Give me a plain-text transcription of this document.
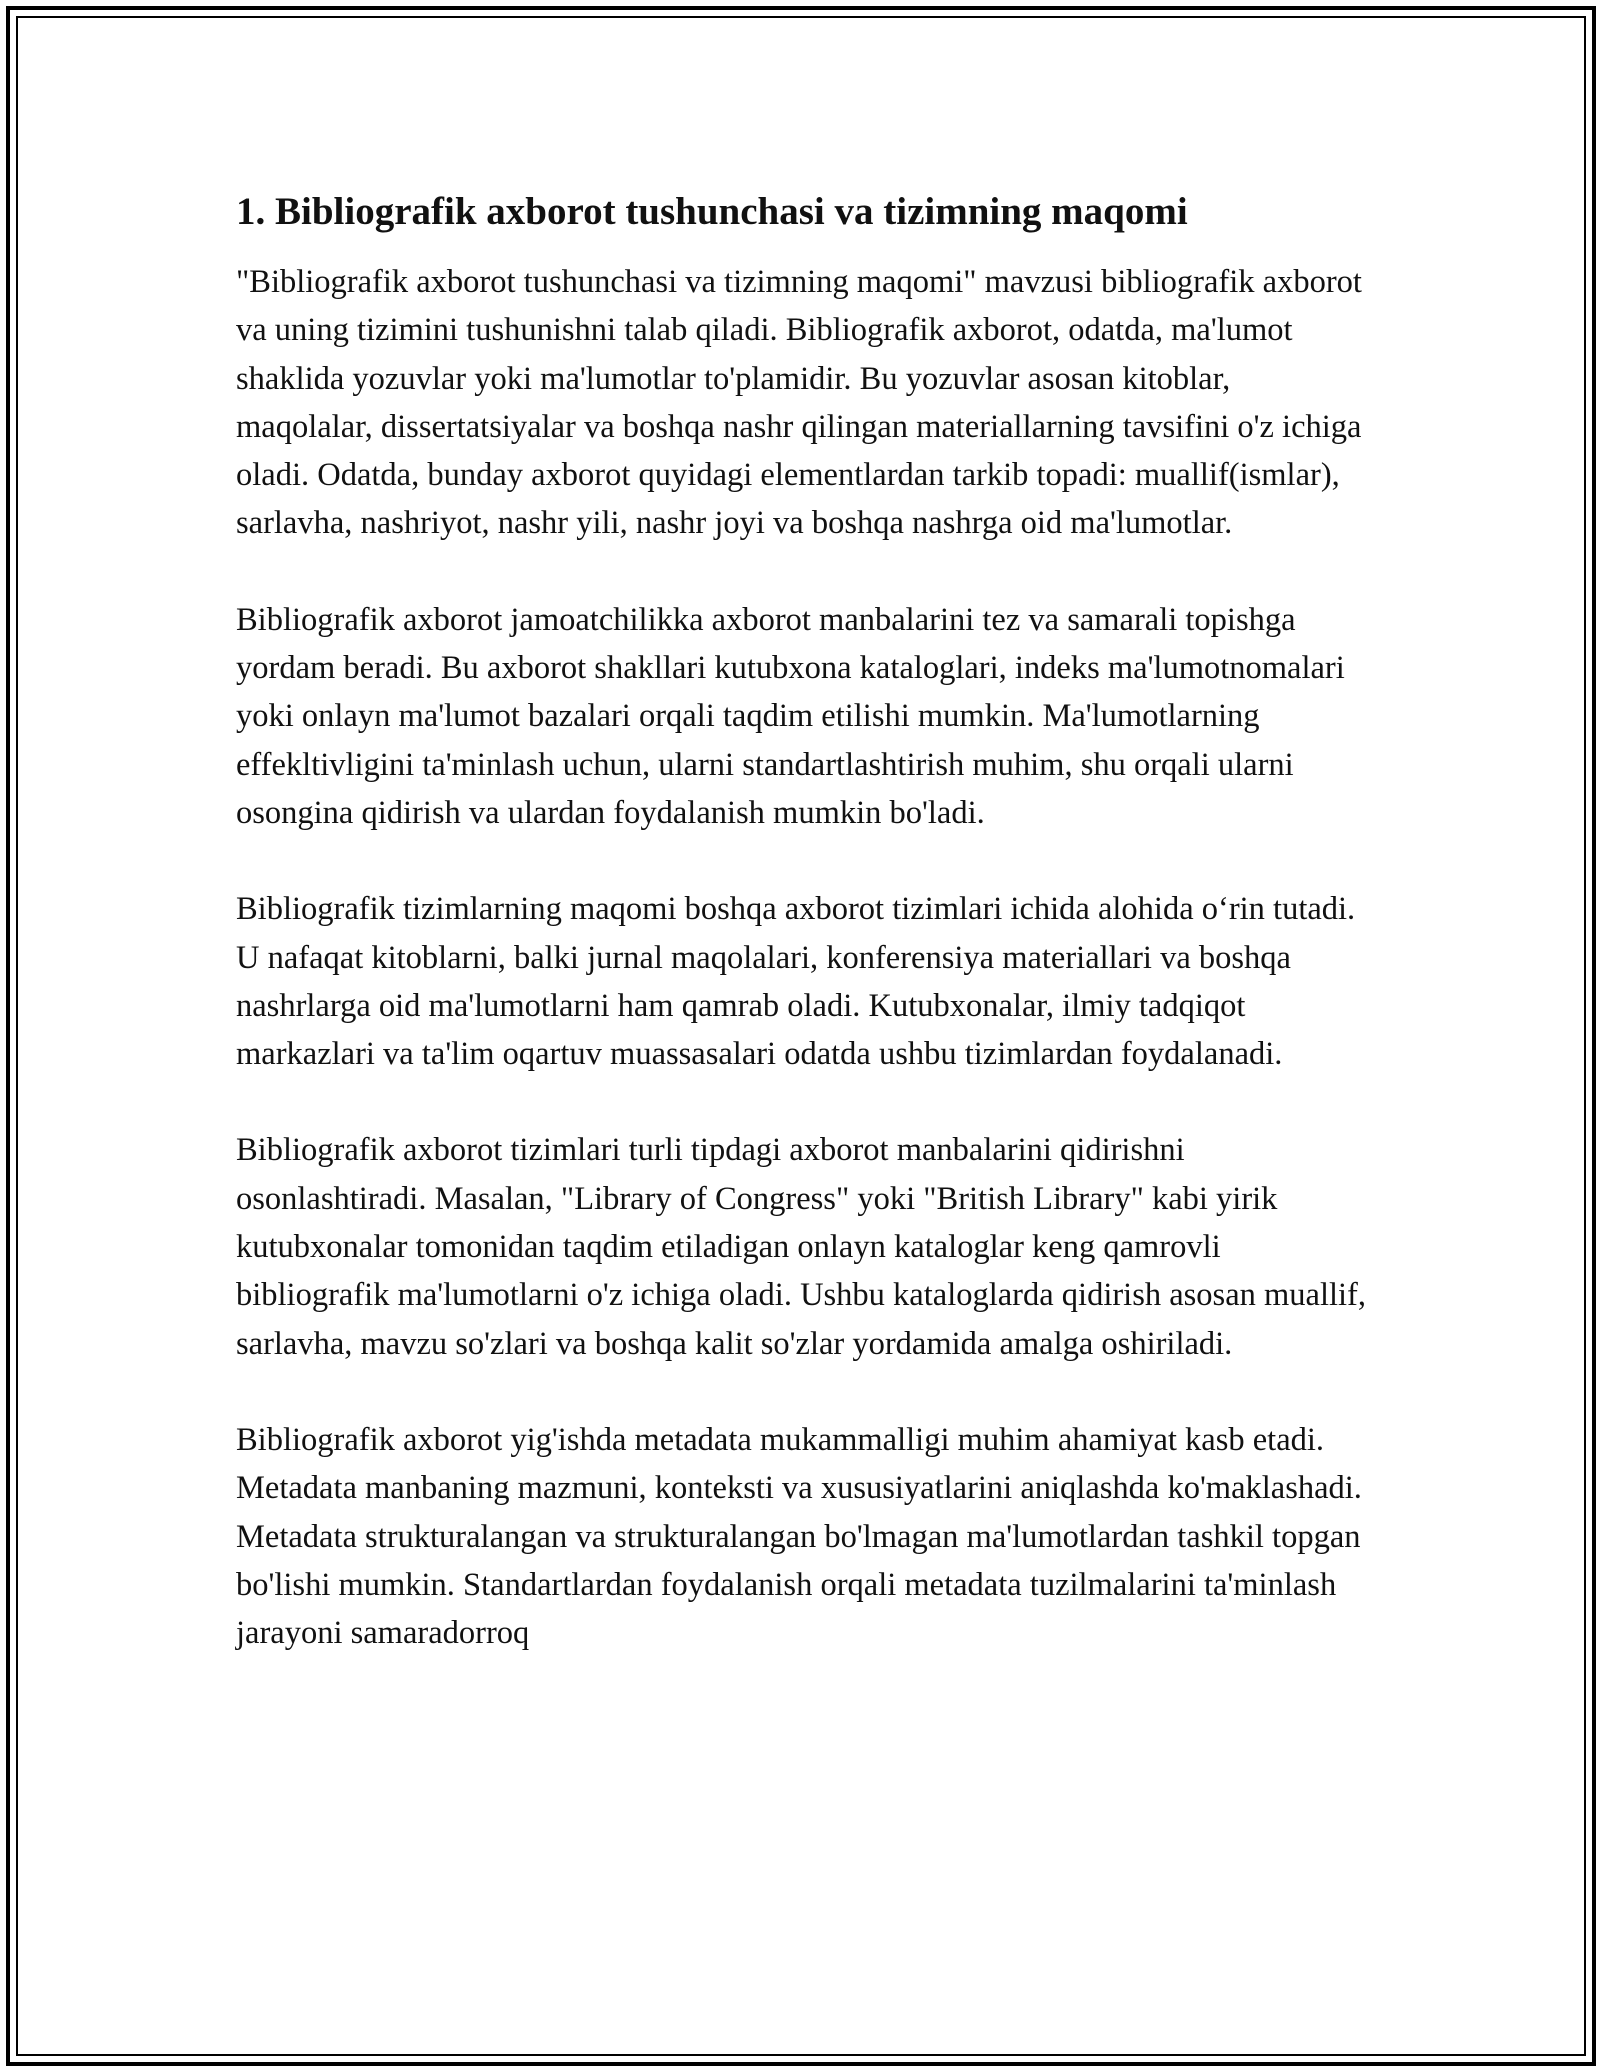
1. Bibliografik axborot tushunchasi va tizimning maqomi

"Bibliografik axborot tushunchasi va tizimning maqomi" mavzusi bibliografik axborot va uning tizimini tushunishni talab qiladi. Bibliografik axborot, odatda, ma'lumot shaklida yozuvlar yoki ma'lumotlar to'plamidir. Bu yozuvlar asosan kitoblar, maqolalar, dissertatsiyalar va boshqa nashr qilingan materiallarning tavsifini o'z ichiga oladi. Odatda, bunday axborot quyidagi elementlardan tarkib topadi: muallif(ismlar), sarlavha, nashriyot, nashr yili, nashr joyi va boshqa nashrga oid ma'lumotlar.

Bibliografik axborot jamoatchilikka axborot manbalarini tez va samarali topishga yordam beradi. Bu axborot shakllari kutubxona kataloglari, indeks ma'lumotnomalari yoki onlayn ma'lumot bazalari orqali taqdim etilishi mumkin. Ma'lumotlarning effekltivligini ta'minlash uchun, ularni standartlashtirish muhim, shu orqali ularni osongina qidirish va ulardan foydalanish mumkin bo'ladi.

Bibliografik tizimlarning maqomi boshqa axborot tizimlari ichida alohida o‘rin tutadi. U nafaqat kitoblarni, balki jurnal maqolalari, konferensiya materiallari va boshqa nashrlarga oid ma'lumotlarni ham qamrab oladi. Kutubxonalar, ilmiy tadqiqot markazlari va ta'lim oqartuv muassasalari odatda ushbu tizimlardan foydalanadi.

Bibliografik axborot tizimlari turli tipdagi axborot manbalarini qidirishni osonlashtiradi. Masalan, "Library of Congress" yoki "British Library" kabi yirik kutubxonalar tomonidan taqdim etiladigan onlayn kataloglar keng qamrovli bibliografik ma'lumotlarni o'z ichiga oladi. Ushbu kataloglarda qidirish asosan muallif, sarlavha, mavzu so'zlari va boshqa kalit so'zlar yordamida amalga oshiriladi.

Bibliografik axborot yig'ishda metadata mukammalligi muhim ahamiyat kasb etadi. Metadata manbaning mazmuni, konteksti va xususiyatlarini aniqlashda ko'maklashadi. Metadata strukturalangan va strukturalangan bo'lmagan ma'lumotlardan tashkil topgan bo'lishi mumkin. Standartlardan foydalanish orqali metadata tuzilmalarini ta'minlash jarayoni samaradorroq
